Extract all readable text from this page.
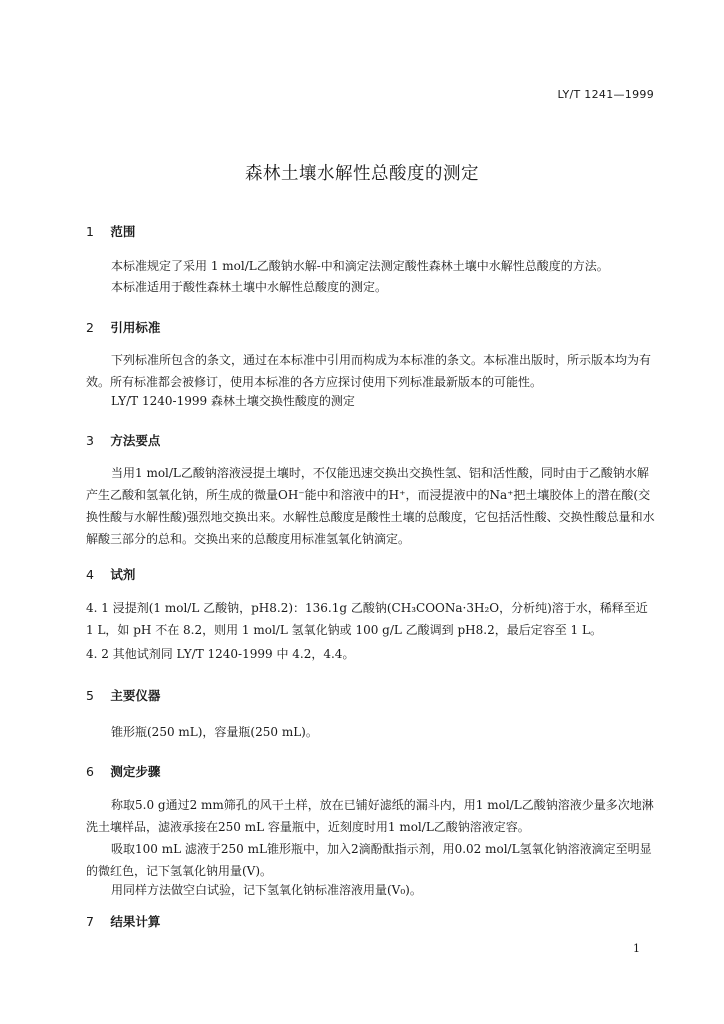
LY/T 1241—1999
森林土壤水解性总酸度的测定
1 范围
本标准规定了采用 1 mol/L乙酸钠水解-中和滴定法测定酸性森林土壤中水解性总酸度的方法。
本标准适用于酸性森林土壤中水解性总酸度的测定。
2 引用标准
下列标准所包含的条文，通过在本标准中引用而构成为本标准的条文。本标准出版时，所示版本均为有效。所有标准都会被修订，使用本标准的各方应探讨使用下列标准最新版本的可能性。
LY/T 1240-1999 森林土壤交换性酸度的测定
3 方法要点
当用1 mol/L乙酸钠溶液浸提土壤时，不仅能迅速交换出交换性氢、铝和活性酸，同时由于乙酸钠水解产生乙酸和氢氧化钠，所生成的微量OH⁻能中和溶液中的H⁺，而浸提液中的Na⁺把土壤胶体上的潜在酸(交换性酸与水解性酸)强烈地交换出来。水解性总酸度是酸性土壤的总酸度，它包括活性酸、交换性酸总量和水解酸三部分的总和。交换出来的总酸度用标准氢氧化钠滴定。
4 试剂
4. 1 浸提剂(1 mol/L 乙酸钠，pH8.2)：136.1g 乙酸钠(CH₃COONa·3H₂O，分析纯)溶于水，稀释至近 1 L，如 pH 不在 8.2，则用 1 mol/L 氢氧化钠或 100 g/L 乙酸调到 pH8.2，最后定容至 1 L。
4. 2 其他试剂同 LY/T 1240-1999 中 4.2，4.4。
5 主要仪器
锥形瓶(250 mL)，容量瓶(250 mL)。
6 测定步骤
称取5.0 g通过2 mm筛孔的风干土样，放在已铺好滤纸的漏斗内，用1 mol/L乙酸钠溶液少量多次地淋洗土壤样品，滤液承接在250 mL 容量瓶中，近刻度时用1 mol/L乙酸钠溶液定容。
吸取100 mL 滤液于250 mL锥形瓶中，加入2滴酚酞指示剂，用0.02 mol/L氢氧化钠溶液滴定至明显的微红色，记下氢氧化钠用量(V)。
用同样方法做空白试验，记下氢氧化钠标准溶液用量(V₀)。
7 结果计算
1
